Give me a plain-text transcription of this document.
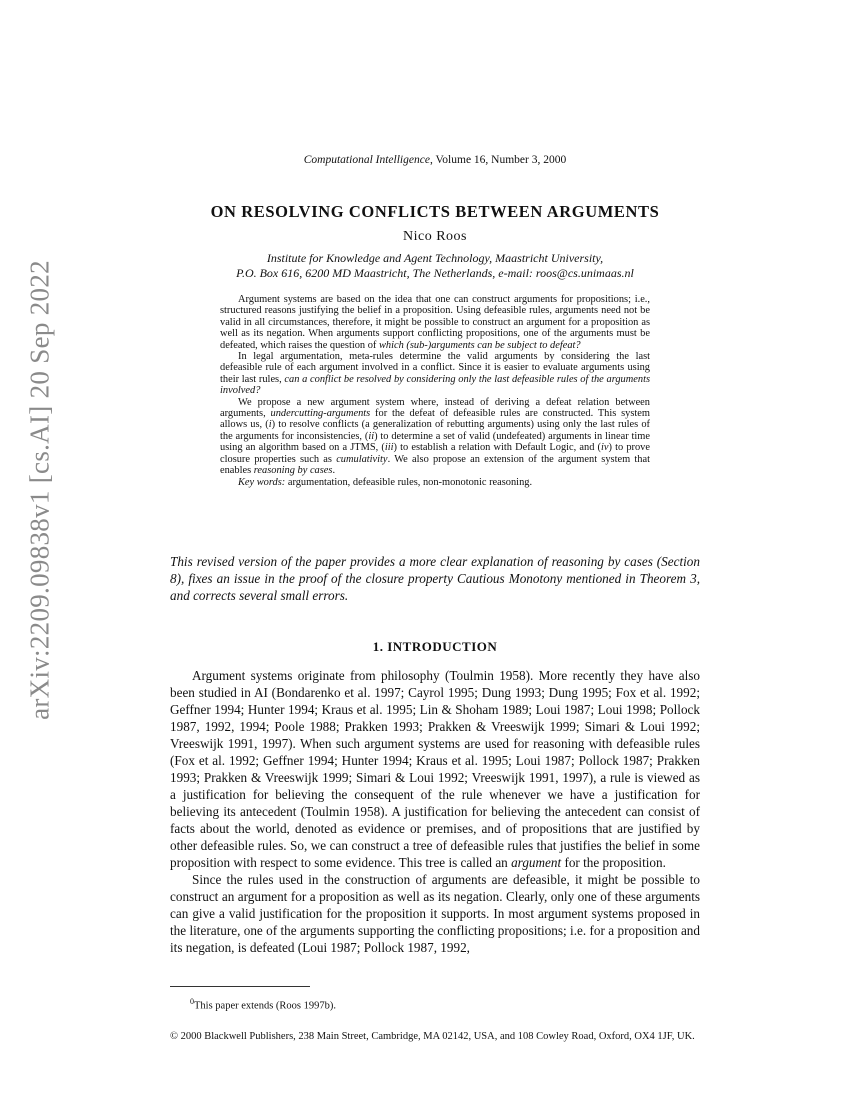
arXiv:2209.09838v1 [cs.AI] 20 Sep 2022
Computational Intelligence, Volume 16, Number 3, 2000
ON RESOLVING CONFLICTS BETWEEN ARGUMENTS
Nico Roos
Institute for Knowledge and Agent Technology, Maastricht University,
P.O. Box 616, 6200 MD Maastricht, The Netherlands, e-mail: roos@cs.unimaas.nl

Argument systems are based on the idea that one can construct arguments for propositions; i.e., structured reasons justifying the belief in a proposition. Using defeasible rules, arguments need not be valid in all circumstances, therefore, it might be possible to construct an argument for a proposition as well as its negation. When arguments support conflicting propositions, one of the arguments must be defeated, which raises the question of which (sub-)arguments can be subject to defeat?

In legal argumentation, meta-rules determine the valid arguments by considering the last defeasible rule of each argument involved in a conflict. Since it is easier to evaluate arguments using their last rules, can a conflict be resolved by considering only the last defeasible rules of the arguments involved?

We propose a new argument system where, instead of deriving a defeat relation between arguments, undercutting-arguments for the defeat of defeasible rules are constructed. This system allows us, (i) to resolve conflicts (a generalization of rebutting arguments) using only the last rules of the arguments for inconsistencies, (ii) to determine a set of valid (undefeated) arguments in linear time using an algorithm based on a JTMS, (iii) to establish a relation with Default Logic, and (iv) to prove closure properties such as cumulativity. We also propose an extension of the argument system that enables reasoning by cases.

Key words: argumentation, defeasible rules, non-monotonic reasoning.

This revised version of the paper provides a more clear explanation of reasoning by cases (Section 8), fixes an issue in the proof of the closure property Cautious Monotony mentioned in Theorem 3, and corrects several small errors.
1. INTRODUCTION

Argument systems originate from philosophy (Toulmin 1958). More recently they have also been studied in AI (Bondarenko et al. 1997; Cayrol 1995; Dung 1993; Dung 1995; Fox et al. 1992; Geffner 1994; Hunter 1994; Kraus et al. 1995; Lin & Shoham 1989; Loui 1987; Loui 1998; Pollock 1987, 1992, 1994; Poole 1988; Prakken 1993; Prakken & Vreeswijk 1999; Simari & Loui 1992; Vreeswijk 1991, 1997). When such argument systems are used for reasoning with defeasible rules (Fox et al. 1992; Geffner 1994; Hunter 1994; Kraus et al. 1995; Loui 1987; Pollock 1987; Prakken 1993; Prakken & Vreeswijk 1999; Simari & Loui 1992; Vreeswijk 1991, 1997), a rule is viewed as a justification for believing the consequent of the rule whenever we have a justification for believing its antecedent (Toulmin 1958). A justification for believing the antecedent can consist of facts about the world, denoted as evidence or premises, and of propositions that are justified by other defeasible rules. So, we can construct a tree of defeasible rules that justifies the belief in some proposition with respect to some evidence. This tree is called an argument for the proposition.

Since the rules used in the construction of arguments are defeasible, it might be possible to construct an argument for a proposition as well as its negation. Clearly, only one of these arguments can give a valid justification for the proposition it supports. In most argument systems proposed in the literature, one of the arguments supporting the conflicting propositions; i.e. for a proposition and its negation, is defeated (Loui 1987; Pollock 1987, 1992,

$^0$This paper extends (Roos 1997b).
© 2000 Blackwell Publishers, 238 Main Street, Cambridge, MA 02142, USA, and 108 Cowley Road, Oxford, OX4 1JF, UK.
